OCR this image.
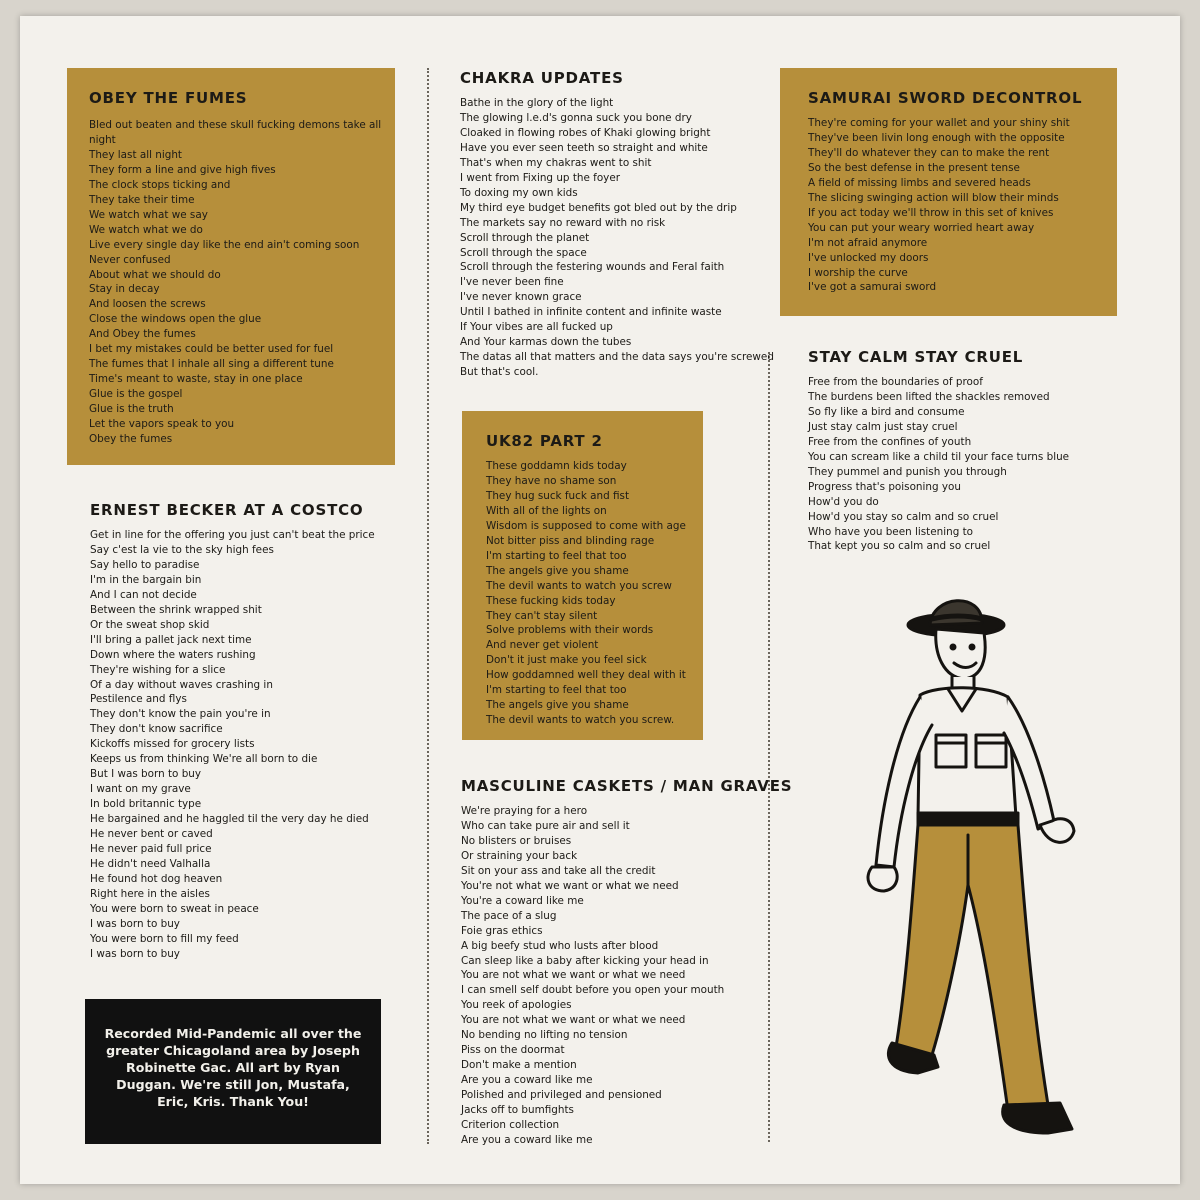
OBEY THE FUMES
Bled out beaten and these skull fucking demons take all
night
They last all night
They form a line and give high fives
The clock stops ticking and
They take their time
We watch what we say
We watch what we do
Live every single day like the end ain't coming soon
Never confused
About what we should do
Stay in decay
And loosen the screws
Close the windows open the glue
And Obey the fumes
I bet my mistakes could be better used for fuel
The fumes that I inhale all sing a different tune
Time's meant to waste, stay in one place
Glue is the gospel
Glue is the truth
Let the vapors speak to you
Obey the fumes
ERNEST BECKER AT A COSTCO
Get in line for the offering you just can't beat the price
Say c'est la vie to the sky high fees
Say hello to paradise
I'm in the bargain bin
And I can not decide
Between the shrink wrapped shit
Or the sweat shop skid
I'll bring a pallet jack next time
Down where the waters rushing
They're wishing for a slice
Of a day without waves crashing in
Pestilence and flys
They don't know the pain you're in
They don't know sacrifice
Kickoffs missed for grocery lists
Keeps us from thinking We're all born to die
But I was born to buy
I want on my grave
In bold britannic type
He bargained and he haggled til the very day he died
He never bent or caved
He never paid full price
He didn't need Valhalla
He found hot dog heaven
Right here in the aisles
You were born to sweat in peace
I was born to buy
You were born to fill my feed
I was born to buy
Recorded Mid-Pandemic all over the greater Chicagoland area by Joseph Robinette Gac. All art by Ryan Duggan. We're still Jon, Mustafa, Eric, Kris. Thank You!
CHAKRA UPDATES
Bathe in the glory of the light
The glowing l.e.d's gonna suck you bone dry
Cloaked in flowing robes of Khaki glowing bright
Have you ever seen teeth so straight and white
That's when my chakras went to shit
I went from Fixing up the foyer
To doxing my own kids
My third eye budget benefits got bled out by the drip
The markets say no reward with no risk
Scroll through the planet
Scroll through the space
Scroll through the festering wounds and Feral faith
I've never been fine
I've never known grace
Until I bathed in infinite content and infinite waste
If Your vibes are all fucked up
And Your karmas down the tubes
The datas all that matters and the data says you're screwed
But that's cool.
UK82 PART 2
These goddamn kids today
They have no shame son
They hug suck fuck and fist
With all of the lights on
Wisdom is supposed to come with age
Not bitter piss and blinding rage
I'm starting to feel that too
The angels give you shame
The devil wants to watch you screw
These fucking kids today
They can't stay silent
Solve problems with their words
And never get violent
Don't it just make you feel sick
How goddamned well they deal with it
I'm starting to feel that too
The angels give you shame
The devil wants to watch you screw.
MASCULINE CASKETS / MAN GRAVES
We're praying for a hero
Who can take pure air and sell it
No blisters or bruises
Or straining your back
Sit on your ass and take all the credit
You're not what we want or what we need
You're a coward like me
The pace of a slug
Foie gras ethics
A big beefy stud who lusts after blood
Can sleep like a baby after kicking your head in
You are not what we want or what we need
I can smell self doubt before you open your mouth
You reek of apologies
You are not what we want or what we need
No bending no lifting no tension
Piss on the doormat
Don't make a mention
Are you a coward like me
Polished and privileged and pensioned
Jacks off to bumfights
Criterion collection
Are you a coward like me
SAMURAI SWORD DECONTROL
They're coming for your wallet and your shiny shit
They've been livin long enough with the opposite
They'll do whatever they can to make the rent
So the best defense in the present tense
A field of missing limbs and severed heads
The slicing swinging action will blow their minds
If you act today we'll throw in this set of knives
You can put your weary worried heart away
I'm not afraid anymore
I've unlocked my doors
I worship the curve
I've got a samurai sword
STAY CALM STAY CRUEL
Free from the boundaries of proof
The burdens been lifted the shackles removed
So fly like a bird and consume
Just stay calm just stay cruel
Free from the confines of youth
You can scream like a child til your face turns blue
They pummel and punish you through
Progress that's poisoning you
How'd you do
How'd you stay so calm and so cruel
Who have you been listening to
That kept you so calm and so cruel
